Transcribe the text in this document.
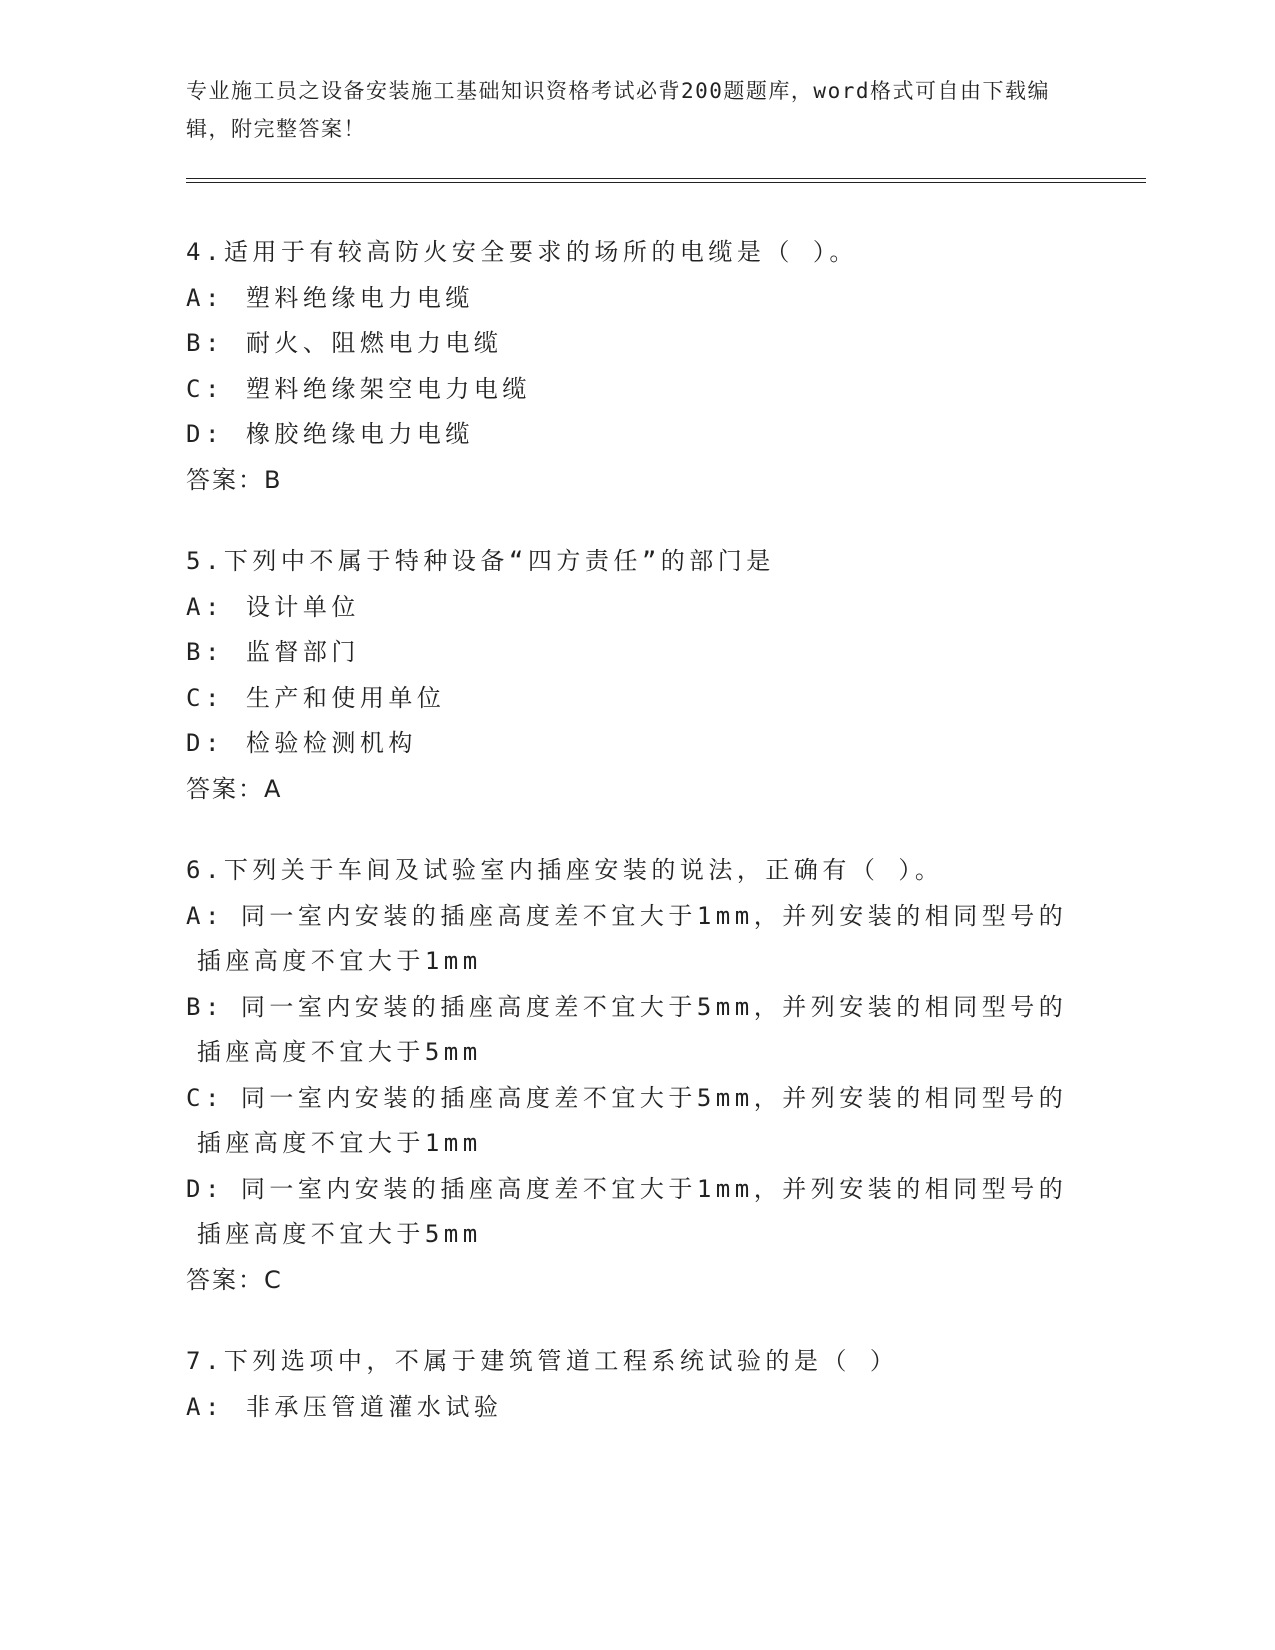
专业施工员之设备安装施工基础知识资格考试必背200题题库，word格式可自由下载编辑，附完整答案！

4.适用于有较高防火安全要求的场所的电缆是（ ）。

A: 塑料绝缘电力电缆

B: 耐火、阻燃电力电缆

C: 塑料绝缘架空电力电缆

D: 橡胶绝缘电力电缆

答案：B

5.下列中不属于特种设备“四方责任”的部门是

A: 设计单位

B: 监督部门

C: 生产和使用单位

D: 检验检测机构

答案：A

6.下列关于车间及试验室内插座安装的说法，正确有（ ）。

A: 同一室内安装的插座高度差不宜大于1mm，并列安装的相同型号的插座高度不宜大于1mm

B: 同一室内安装的插座高度差不宜大于5mm，并列安装的相同型号的插座高度不宜大于5mm

C: 同一室内安装的插座高度差不宜大于5mm，并列安装的相同型号的插座高度不宜大于1mm

D: 同一室内安装的插座高度差不宜大于1mm，并列安装的相同型号的插座高度不宜大于5mm

答案：C

7.下列选项中，不属于建筑管道工程系统试验的是（ ）

A: 非承压管道灌水试验
